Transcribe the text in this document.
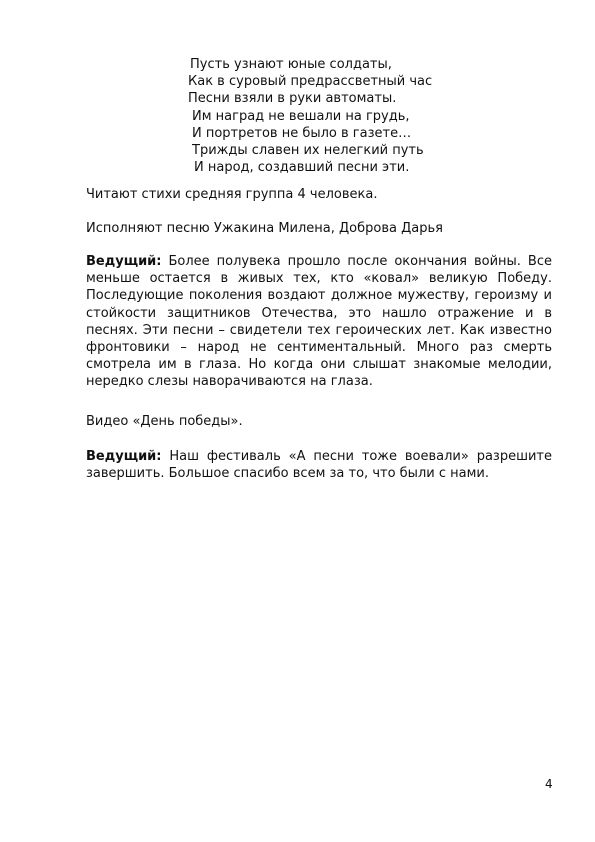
Пусть узнают юные солдаты,
Как в суровый предрассветный час
Песни взяли в руки автоматы.
Им наград не вешали на грудь,
И портретов не было в газете…
Трижды славен их нелегкий путь
И народ, создавший песни эти.
Читают стихи средняя группа 4 человека.
Исполняют песню Ужакина Милена, Доброва Дарья
Ведущий: Более полувека прошло после окончания войны. Все меньше остается в живых тех, кто «ковал» великую Победу. Последующие поколения воздают должное мужеству, героизму и стойкости защитников Отечества, это нашло отражение и в песнях. Эти песни – свидетели тех героических лет. Как известно фронтовики – народ не сентиментальный. Много раз смерть смотрела им в глаза. Но когда они слышат знакомые мелодии, нередко слезы наворачиваются на глаза.
Видео «День победы».
Ведущий: Наш фестиваль «А песни тоже воевали» разрешите завершить. Большое спасибо всем за то, что были с нами.
4
